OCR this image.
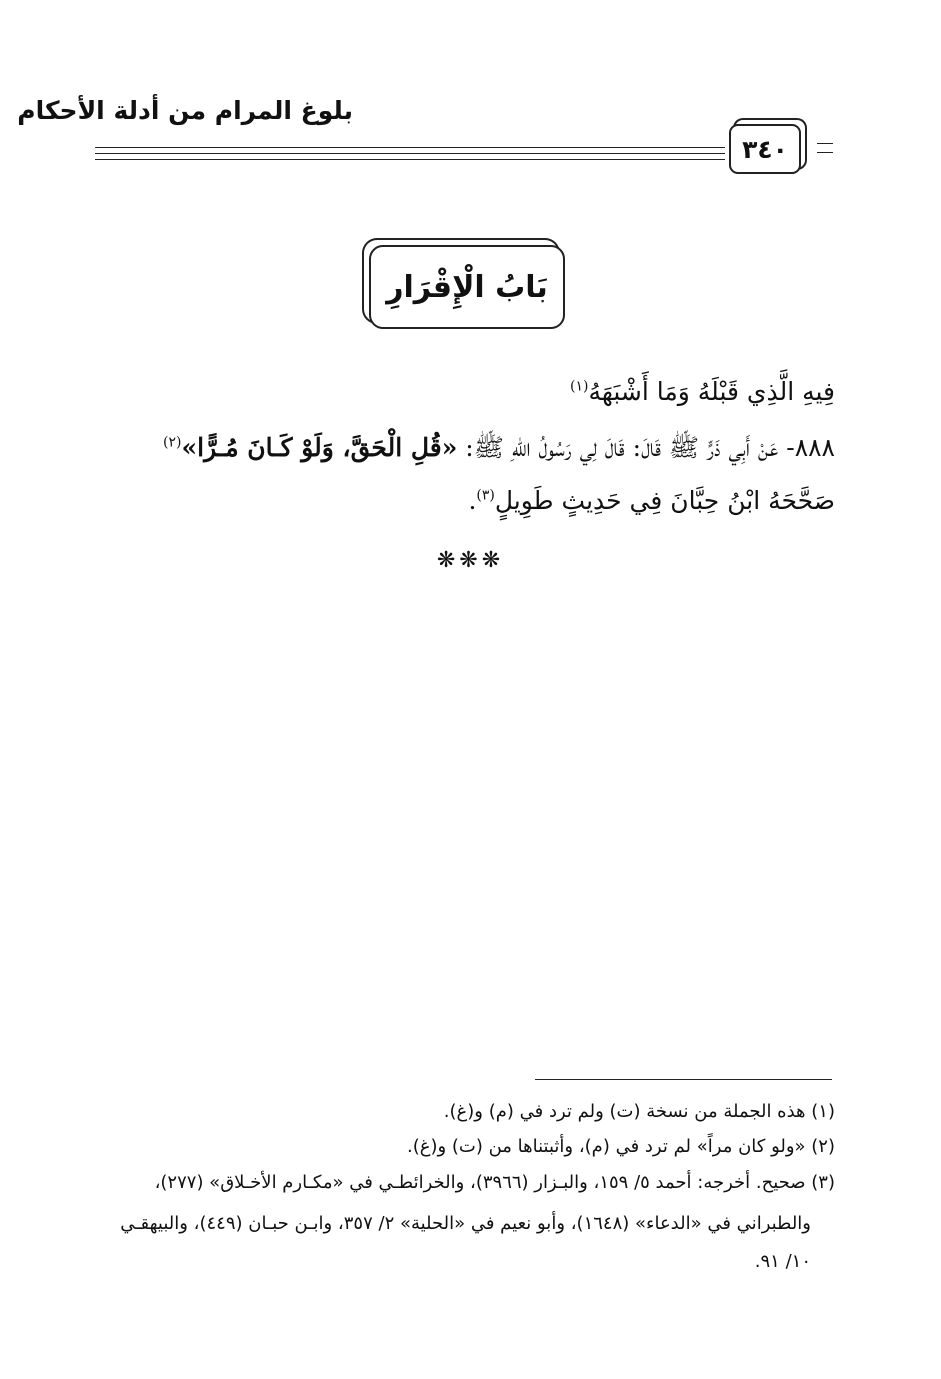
بلوغ المرام من أدلة الأحكام
٣٤٠
بَابُ الْإِقْرَارِ
فِيهِ الَّذِي قَبْلَهُ وَمَا أَشْبَهَهُ$^{(١)}$
٨٨٨- عَنْ أَبِي ذَرٍّ ﷺ قَالَ: قَالَ لِي رَسُولُ اللهِ ﷺ: «قُلِ الْحَقَّ، وَلَوْ كَـانَ مُـرًّا»$^{(٢)}$
صَحَّحَهُ ابْنُ حِبَّانَ فِي حَدِيثٍ طَوِيلٍ$^{(٣)}$.
❋❋❋
(١) هذه الجملة من نسخة (ت) ولم ترد في (م) و(غ).
(٢) «ولو كان مراً» لم ترد في (م)، وأثبتناها من (ت) و(غ).
(٣) صحيح. أخرجه: أحمد ٥/ ١٥٩، والبـزار (٣٩٦٦)، والخرائطـي في «مكـارم الأخـلاق» (٢٧٧)،
والطبراني في «الدعاء» (١٦٤٨)، وأبو نعيم في «الحلية» ٢/ ٣٥٧، وابـن حبـان (٤٤٩)، والبيهقـي
١٠/ ٩١.
